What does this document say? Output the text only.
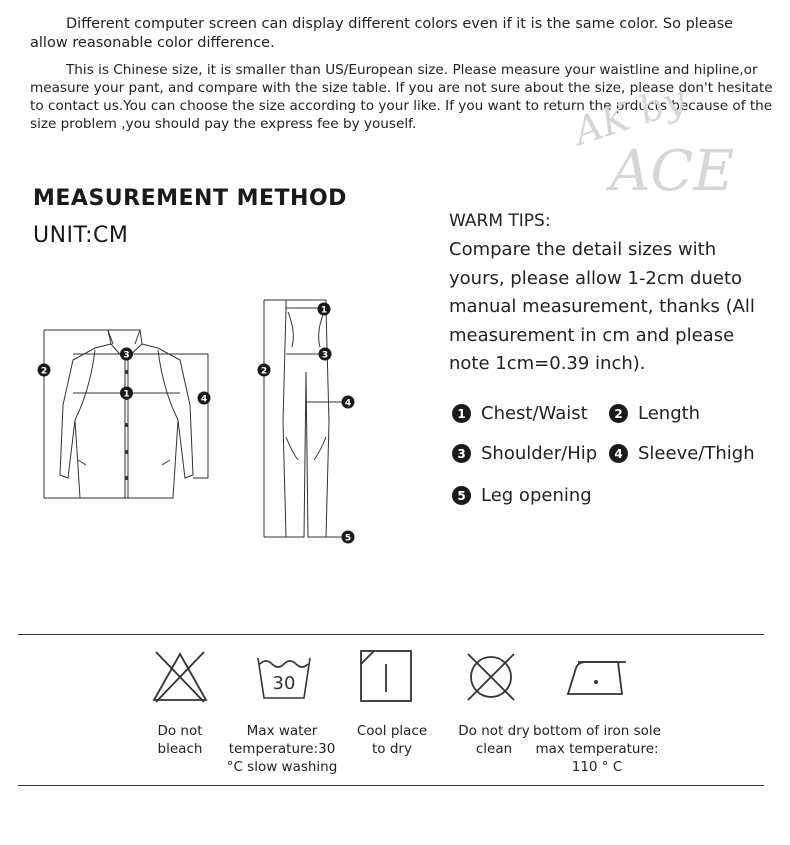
Different computer screen can display different colors even if it is the same color. So please allow reasonable color difference.
This is Chinese size, it is smaller than US/European size. Please measure your waistline and hipline,or measure your pant, and compare with the size table. If you are not sure about the size, please don't hesitate to contact us.You can choose the size according to your like. If you want to return the prducts because of the size problem ,you should pay the express fee by youself.	AK by
ACE
MEASUREMENT METHOD
UNIT:CM
1
2
3
4
1
2
3
4
5
WARM TIPS:
Compare the detail sizes with yours, please allow 1-2cm dueto manual measurement, thanks (All measurement in cm and please note 1cm=0.39 inch).
1 Chest/Waist	2 Length
3 Shoulder/Hip	4 Sleeve/Thigh
5 Leg opening
30
Do not bleach
Max water temperature:30 °C slow washing
Cool place to dry
Do not dry clean
bottom of iron sole max temperature: 110 ° C
